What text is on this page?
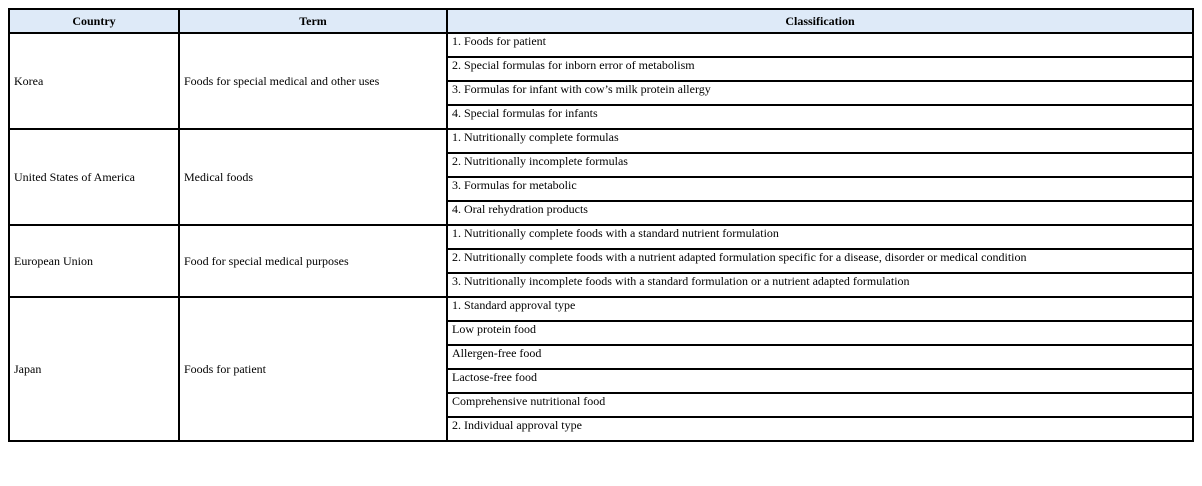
Country	Term	Classification
Korea	Foods for special medical and other uses	1. Foods for patient
		2. Special formulas for inborn error of metabolism
		3. Formulas for infant with cow’s milk protein allergy
		4. Special formulas for infants
United States of America	Medical foods	1. Nutritionally complete formulas
		2. Nutritionally incomplete formulas
		3. Formulas for metabolic
		4. Oral rehydration products
European Union	Food for special medical purposes	1. Nutritionally complete foods with a standard nutrient formulation
		2. Nutritionally complete foods with a nutrient adapted formulation specific for a disease, disorder or medical condition
		3. Nutritionally incomplete foods with a standard formulation or a nutrient adapted formulation
Japan	Foods for patient	1. Standard approval type
		Low protein food
		Allergen-free food
		Lactose-free food
		Comprehensive nutritional food
		2. Individual approval type
